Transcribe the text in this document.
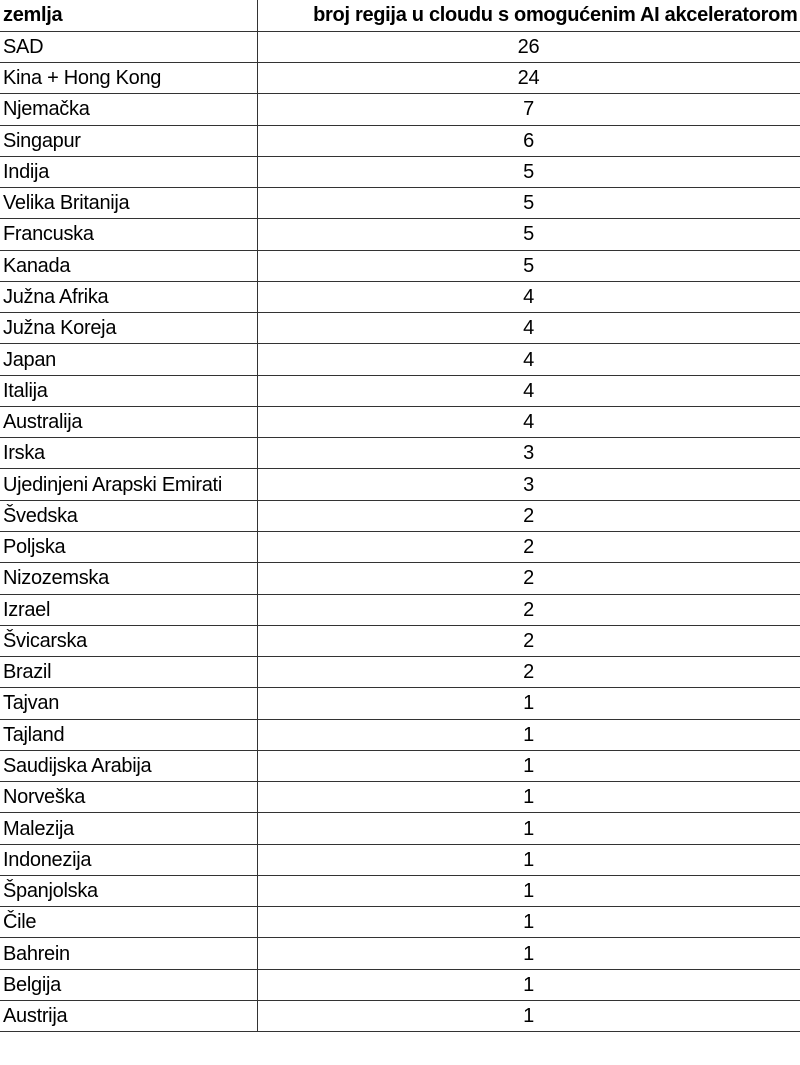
zemlja	broj regija u cloudu s omogućenim AI akceleratorom
SAD	26
Kina + Hong Kong	24
Njemačka	7
Singapur	6
Indija	5
Velika Britanija	5
Francuska	5
Kanada	5
Južna Afrika	4
Južna Koreja	4
Japan	4
Italija	4
Australija	4
Irska	3
Ujedinjeni Arapski Emirati	3
Švedska	2
Poljska	2
Nizozemska	2
Izrael	2
Švicarska	2
Brazil	2
Tajvan	1
Tajland	1
Saudijska Arabija	1
Norveška	1
Malezija	1
Indonezija	1
Španjolska	1
Čile	1
Bahrein	1
Belgija	1
Austrija	1
